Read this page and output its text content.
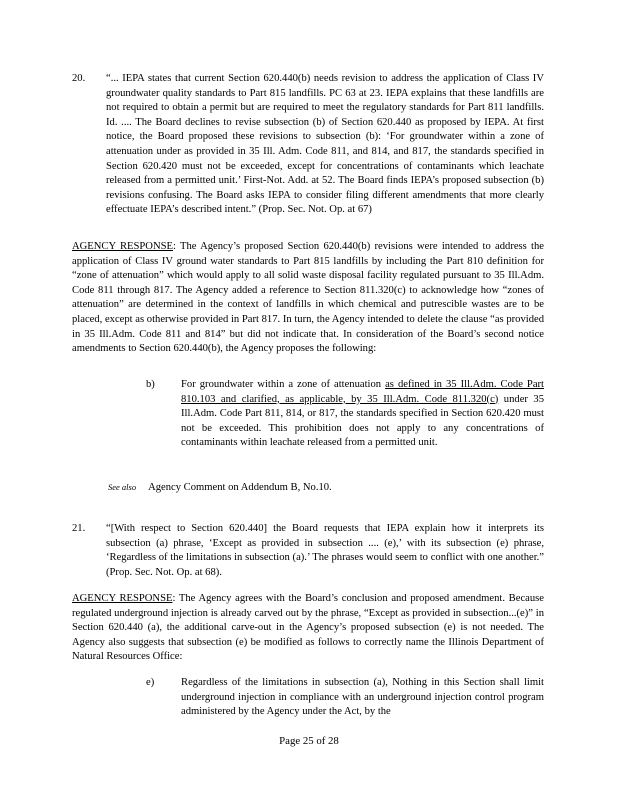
20. “... IEPA states that current Section 620.440(b) needs revision to address the application of Class IV groundwater quality standards to Part 815 landfills. PC 63 at 23. IEPA explains that these landfills are not required to obtain a permit but are required to meet the regulatory standards for Part 811 landfills. Id. .... The Board declines to revise subsection (b) of Section 620.440 as proposed by IEPA. At first notice, the Board proposed these revisions to subsection (b): ‘For groundwater within a zone of attenuation under as provided in 35 Ill. Adm. Code 811, and 814, and 817, the standards specified in Section 620.420 must not be exceeded, except for concentrations of contaminants which leachate released from a permitted unit.’ First-Not. Add. at 52. The Board finds IEPA’s proposed subsection (b) revisions confusing. The Board asks IEPA to consider filing different amendments that more clearly effectuate IEPA’s described intent.” (Prop. Sec. Not. Op. at 67)
AGENCY RESPONSE: The Agency’s proposed Section 620.440(b) revisions were intended to address the application of Class IV ground water standards to Part 815 landfills by including the Part 810 definition for “zone of attenuation” which would apply to all solid waste disposal facility regulated pursuant to 35 Ill.Adm. Code 811 through 817. The Agency added a reference to Section 811.320(c) to acknowledge how “zones of attenuation” are determined in the context of landfills in which chemical and putrescible wastes are to be placed, except as otherwise provided in Part 817. In turn, the Agency intended to delete the clause “as provided in 35 Ill.Adm. Code 811 and 814” but did not indicate that. In consideration of the Board’s second notice amendments to Section 620.440(b), the Agency proposes the following:
b) For groundwater within a zone of attenuation as defined in 35 Ill.Adm. Code Part 810.103 and clarified, as applicable, by 35 Ill.Adm. Code 811.320(c) under 35 Ill.Adm. Code Part 811, 814, or 817, the standards specified in Section 620.420 must not be exceeded. This prohibition does not apply to any concentrations of contaminants within leachate released from a permitted unit.
See also Agency Comment on Addendum B, No.10.
21. “[With respect to Section 620.440] the Board requests that IEPA explain how it interprets its subsection (a) phrase, ‘Except as provided in subsection .... (e),’ with its subsection (e) phrase, ‘Regardless of the limitations in subsection (a).’ The phrases would seem to conflict with one another.” (Prop. Sec. Not. Op. at 68).
AGENCY RESPONSE: The Agency agrees with the Board’s conclusion and proposed amendment. Because regulated underground injection is already carved out by the phrase, “Except as provided in subsection...(e)” in Section 620.440 (a), the additional carve-out in the Agency’s proposed subsection (e) is not needed. The Agency also suggests that subsection (e) be modified as follows to correctly name the Illinois Department of Natural Resources Office:
e)	Regardless of the limitations in subsection (a), Nothing in this Section shall limit underground injection in compliance with an underground injection control program administered by the Agency under the Act, by the
Page 25 of 28
